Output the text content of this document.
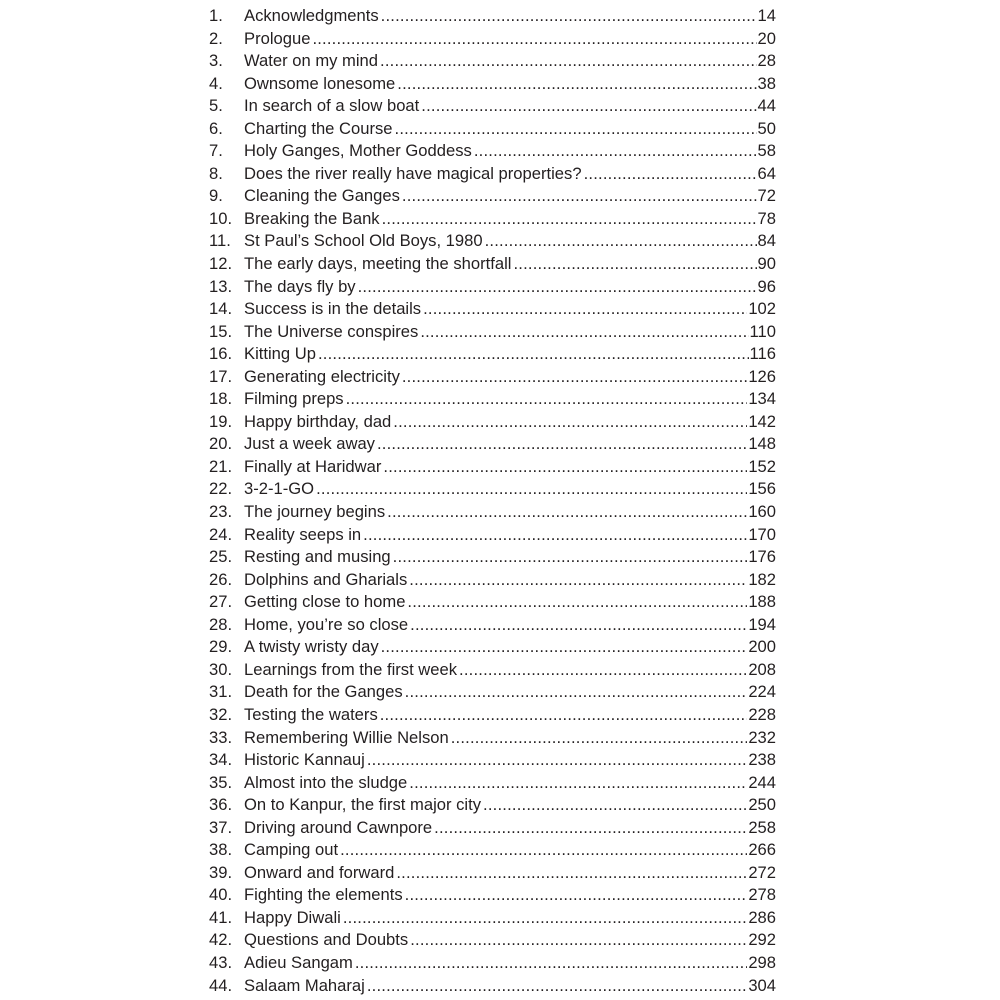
1.	Acknowledgments .....	14
2.	Prologue .....	20
3.	Water on my mind .....	28
4.	Ownsome lonesome .....	38
5.	In search of a slow boat .....	44
6.	Charting the Course .....	50
7.	Holy Ganges, Mother Goddess .....	58
8.	Does the river really have magical properties? .....	64
9.	Cleaning the Ganges .....	72
10. Breaking the Bank .....	78
11. St Paul’s School Old Boys, 1980 .....	84
12. The early days, meeting the shortfall .....	90
13. The days fly by .....	96
14. Success is in the details .....	102
15. The Universe conspires .....	110
16. Kitting Up .....	116
17. Generating electricity .....	126
18. Filming preps .....	134
19. Happy birthday, dad .....	142
20. Just a week away .....	148
21. Finally at Haridwar .....	152
22. 3-2-1-GO .....	156
23. The journey begins .....	160
24. Reality seeps in .....	170
25. Resting and musing .....	176
26. Dolphins and Gharials .....	182
27. Getting close to home .....	188
28. Home, you’re so close .....	194
29. A twisty wristy day .....	200
30. Learnings from the first week .....	208
31. Death for the Ganges .....	224
32. Testing the waters .....	228
33. Remembering Willie Nelson .....	232
34. Historic Kannauj .....	238
35. Almost into the sludge .....	244
36. On to Kanpur, the first major city .....	250
37. Driving around Cawnpore .....	258
38. Camping out .....	266
39. Onward and forward .....	272
40. Fighting the elements .....	278
41. Happy Diwali .....	286
42. Questions and Doubts .....	292
43. Adieu Sangam .....	298
44. Salaam Maharaj .....	304
